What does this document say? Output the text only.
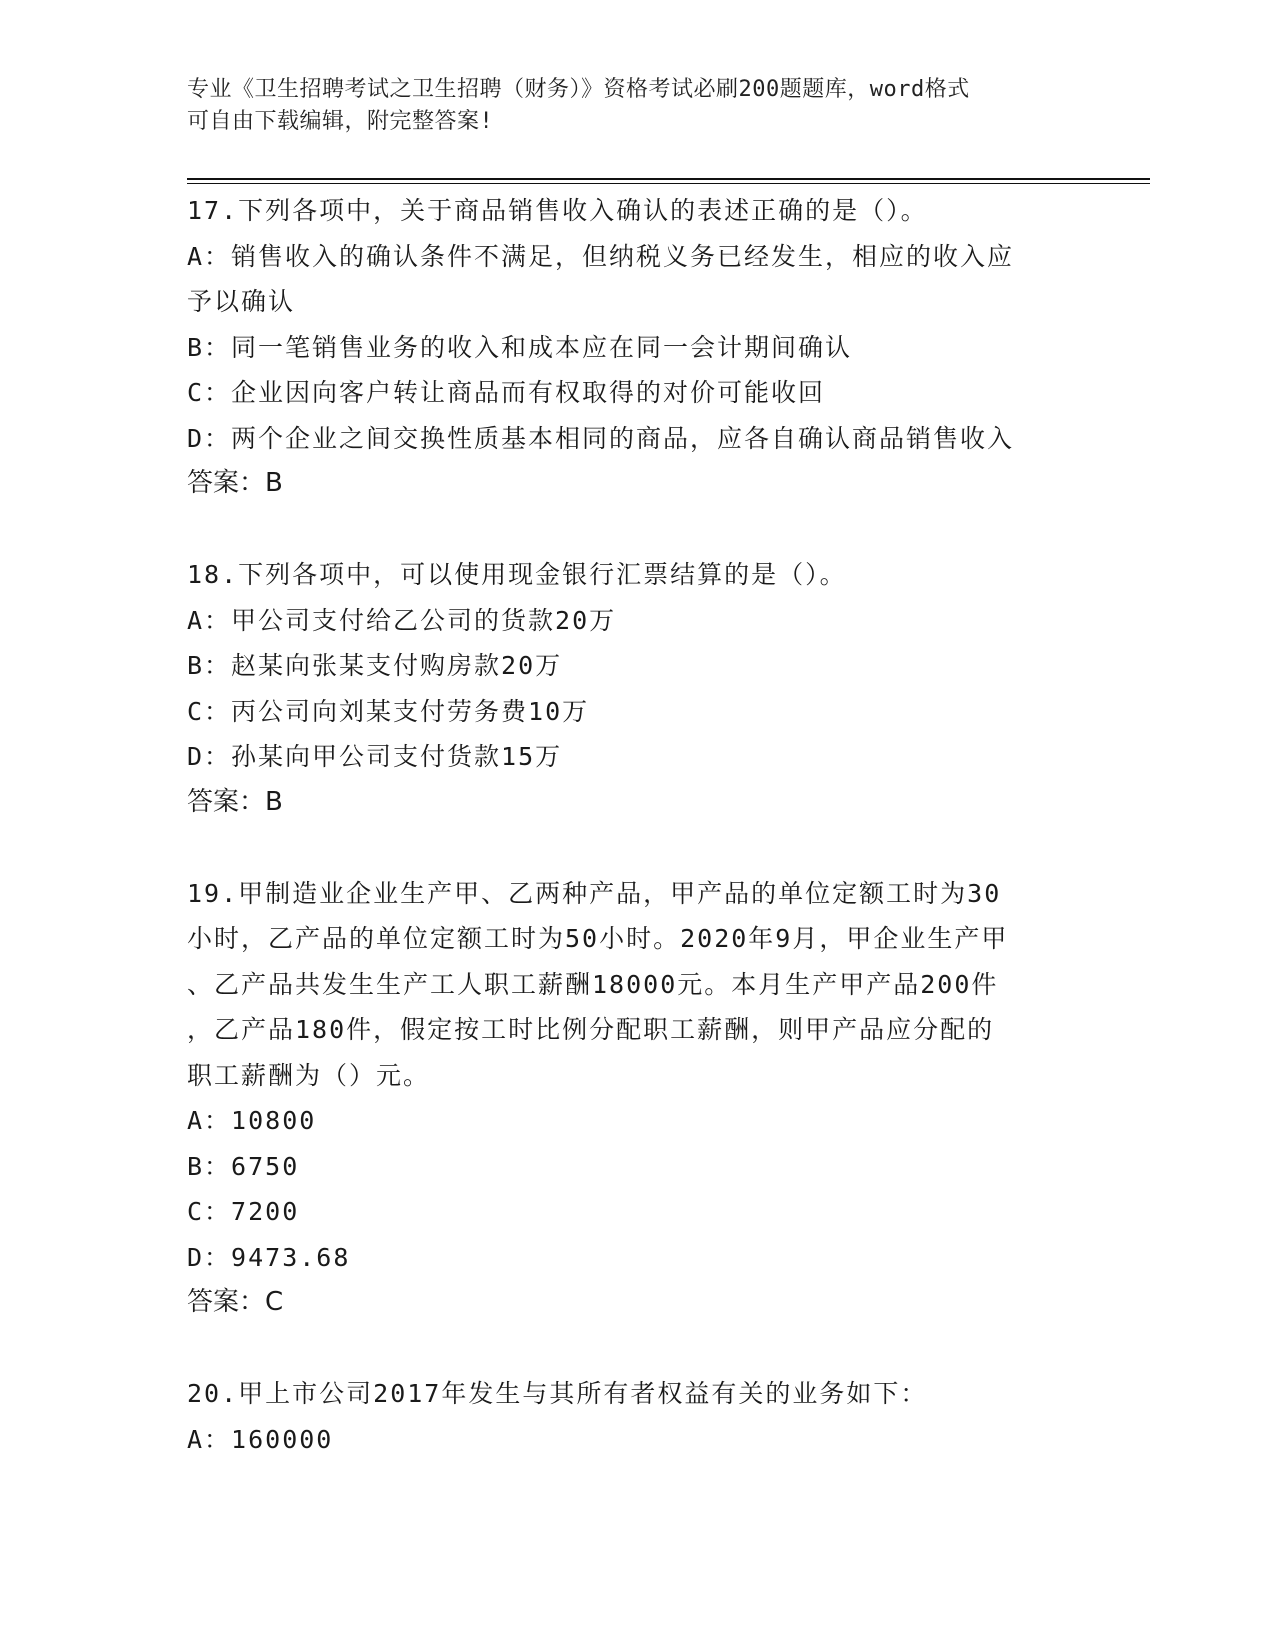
专业《卫生招聘考试之卫生招聘（财务）》资格考试必刷200题题库，word格式
可自由下载编辑，附完整答案!
17.下列各项中，关于商品销售收入确认的表述正确的是（）。
A：销售收入的确认条件不满足，但纳税义务已经发生，相应的收入应
予以确认
B：同一笔销售业务的收入和成本应在同一会计期间确认
C：企业因向客户转让商品而有权取得的对价可能收回
D：两个企业之间交换性质基本相同的商品，应各自确认商品销售收入
答案：B
18.下列各项中，可以使用现金银行汇票结算的是（）。
A：甲公司支付给乙公司的货款20万
B：赵某向张某支付购房款20万
C：丙公司向刘某支付劳务费10万
D：孙某向甲公司支付货款15万
答案：B
19.甲制造业企业生产甲、乙两种产品，甲产品的单位定额工时为30
小时，乙产品的单位定额工时为50小时。2020年9月，甲企业生产甲
、乙产品共发生生产工人职工薪酬18000元。本月生产甲产品200件
，乙产品180件，假定按工时比例分配职工薪酬，则甲产品应分配的
职工薪酬为（）元。
A：10800
B：6750
C：7200
D：9473.68
答案：C
20.甲上市公司2017年发生与其所有者权益有关的业务如下：
A：160000
